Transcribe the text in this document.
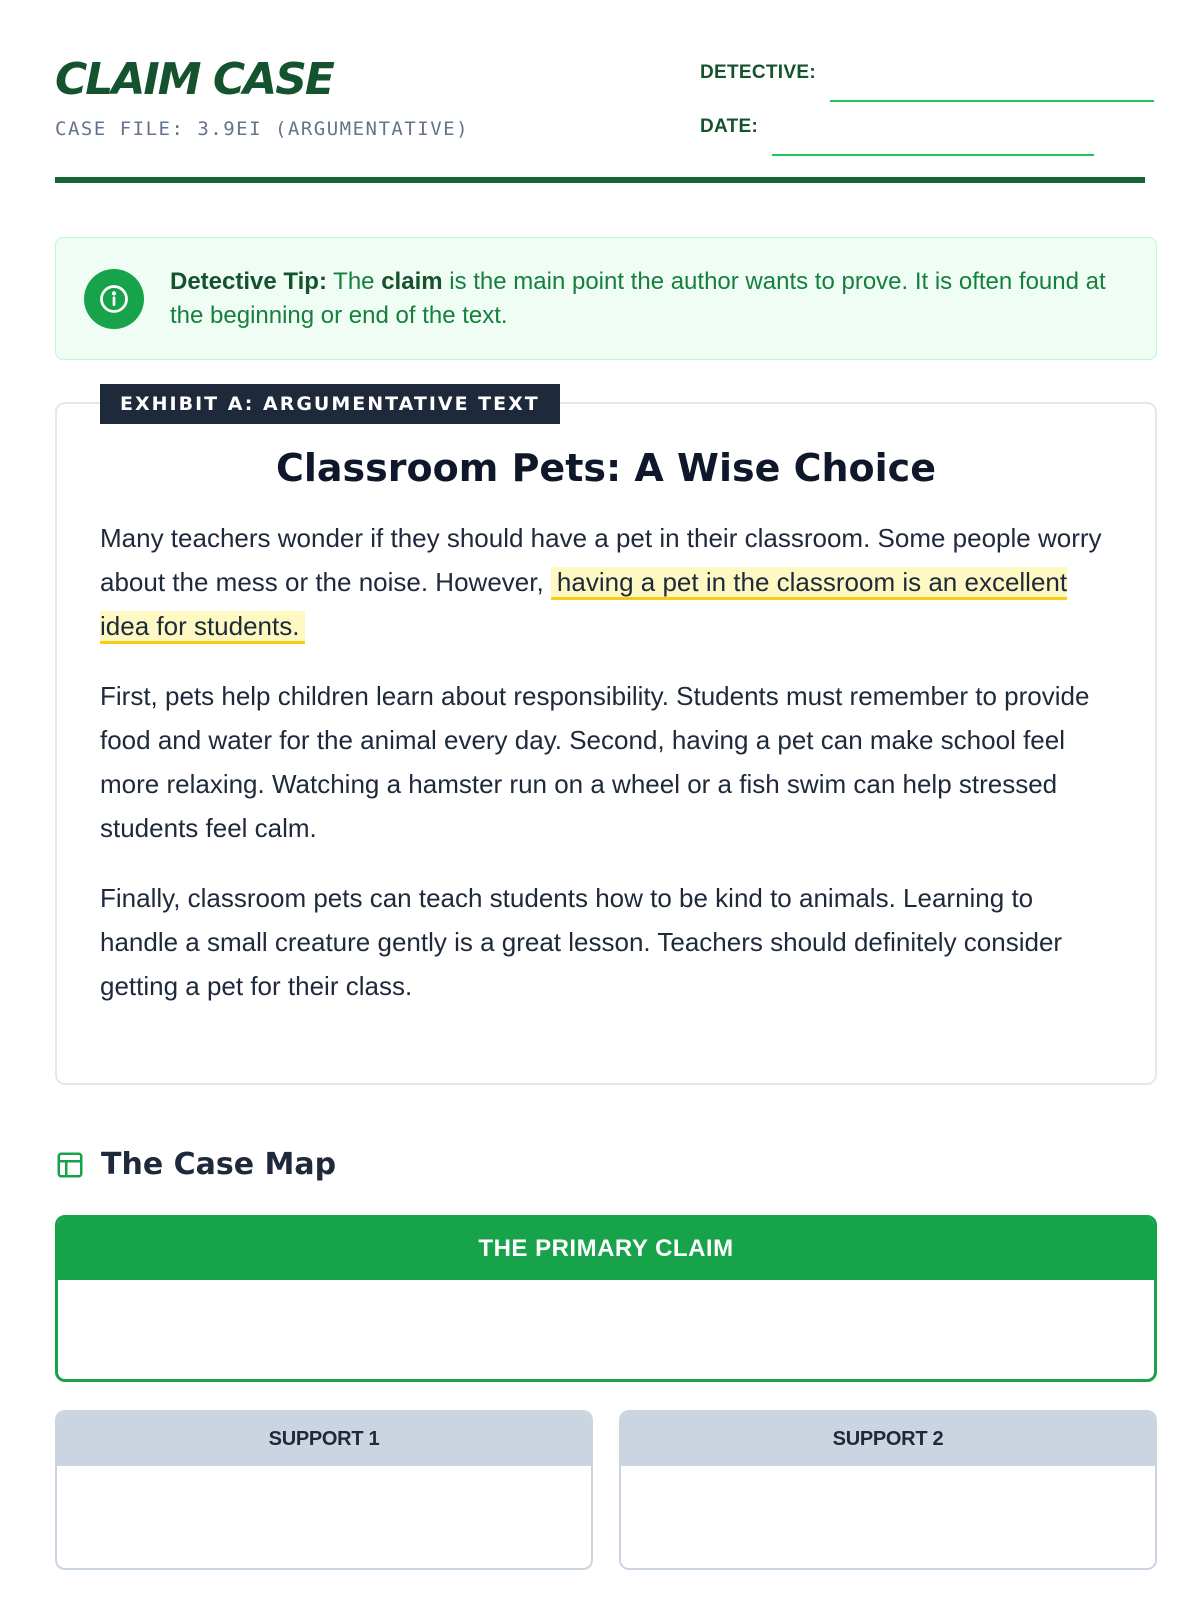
CLAIM CASE
CASE FILE: 3.9EI (ARGUMENTATIVE)
DETECTIVE:
DATE:
Detective Tip: The claim is the main point the author wants to prove. It is often found at the beginning or end of the text.
EXHIBIT A: ARGUMENTATIVE TEXT
Classroom Pets: A Wise Choice

Many teachers wonder if they should have a pet in their classroom. Some people worry about the mess or the noise. However, having a pet in the classroom is an excellent idea for students.

First, pets help children learn about responsibility. Students must remember to provide food and water for the animal every day. Second, having a pet can make school feel more relaxing. Watching a hamster run on a wheel or a fish swim can help stressed students feel calm.

Finally, classroom pets can teach students how to be kind to animals. Learning to handle a small creature gently is a great lesson. Teachers should definitely consider getting a pet for their class.

The Case Map
THE PRIMARY CLAIM
SUPPORT 1	SUPPORT 2
